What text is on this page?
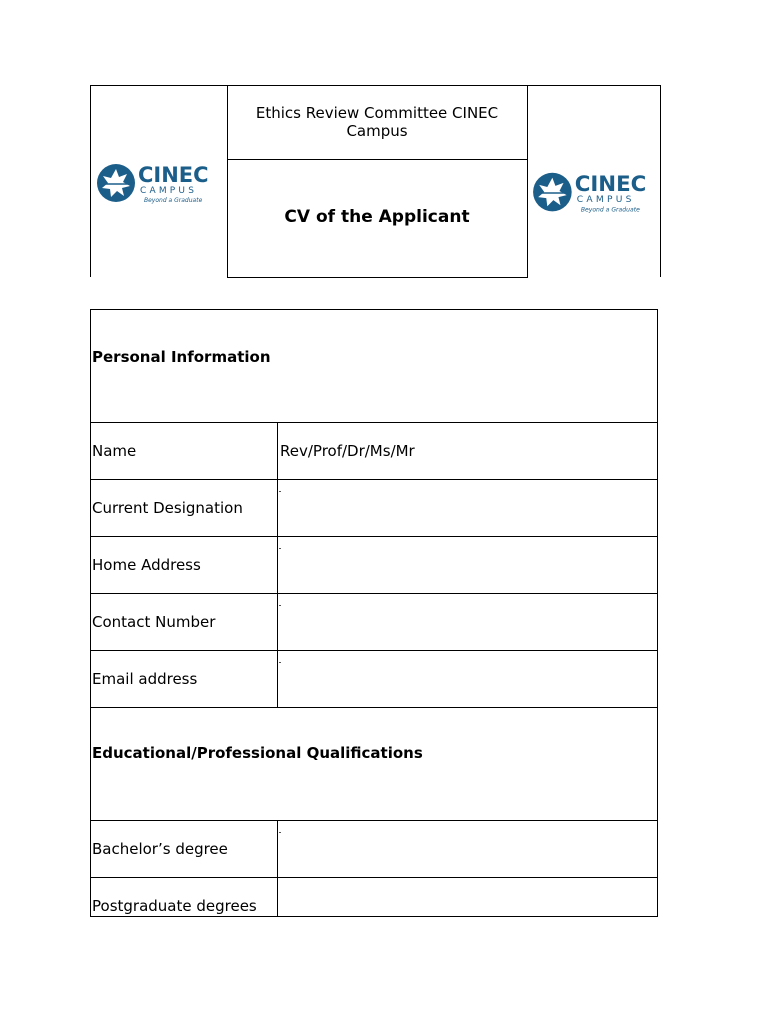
Ethics Review Committee CINEC Campus
CV of the Applicant
CINEC
CAMPUS
Beyond a Graduate
CINEC
CAMPUS
Beyond a Graduate
Personal Information
Name	Rev/Prof/Dr/Ms/Mr
Current Designation
Home Address
Contact Number
Email address
Educational/Professional Qualifications
Bachelor’s degree
Postgraduate degrees
